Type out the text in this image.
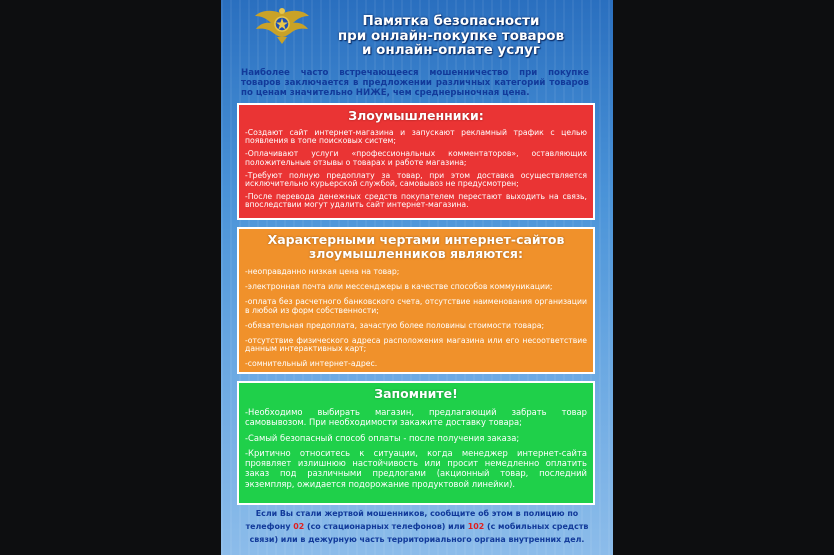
Памятка безопасности
при онлайн-покупке товаров
и онлайн-оплате услуг
Наиболее часто встречающееся мошенничество при покупке товаров заключается в предложении различных категорий товаров по ценам значительно НИЖЕ, чем среднерыночная цена.
Злоумышленники:
-Создают сайт интернет-магазина и запускают рекламный трафик с целью появления в топе поисковых систем;
-Оплачивают услуги «профессиональных комментаторов», оставляющих положительные отзывы о товарах и работе магазина;
-Требуют полную предоплату за товар, при этом доставка осуществляется исключительно курьерской службой, самовывоз не предусмотрен;
-После перевода денежных средств покупателем перестают выходить на связь, впоследствии могут удалить сайт интернет-магазина.
Характерными чертами интернет-сайтов
злоумышленников являются:
-неоправданно низкая цена на товар;
-электронная почта или мессенджеры в качестве способов коммуникации;
-оплата без расчетного банковского счета, отсутствие наименования организации в любой из форм собственности;
-обязательная предоплата, зачастую более половины стоимости товара;
-отсутствие физического адреса расположения магазина или его несоответствие данным интерактивных карт;
-сомнительный интернет-адрес.
Запомните!
-Необходимо выбирать магазин, предлагающий забрать товар самовывозом. При необходимости закажите доставку товара;
-Самый безопасный способ оплаты - после получения заказа;
-Критично относитесь к ситуации, когда менеджер интернет-сайта проявляет излишнюю настойчивость или просит немедленно оплатить заказ под различными предлогами (акционный товар, последний экземпляр, ожидается подорожание продуктовой линейки).
Если Вы стали жертвой мошенников, сообщите об этом в полицию по телефону 02 (со стационарных телефонов) или 102 (с мобильных средств связи) или в дежурную часть территориального органа внутренних дел.
